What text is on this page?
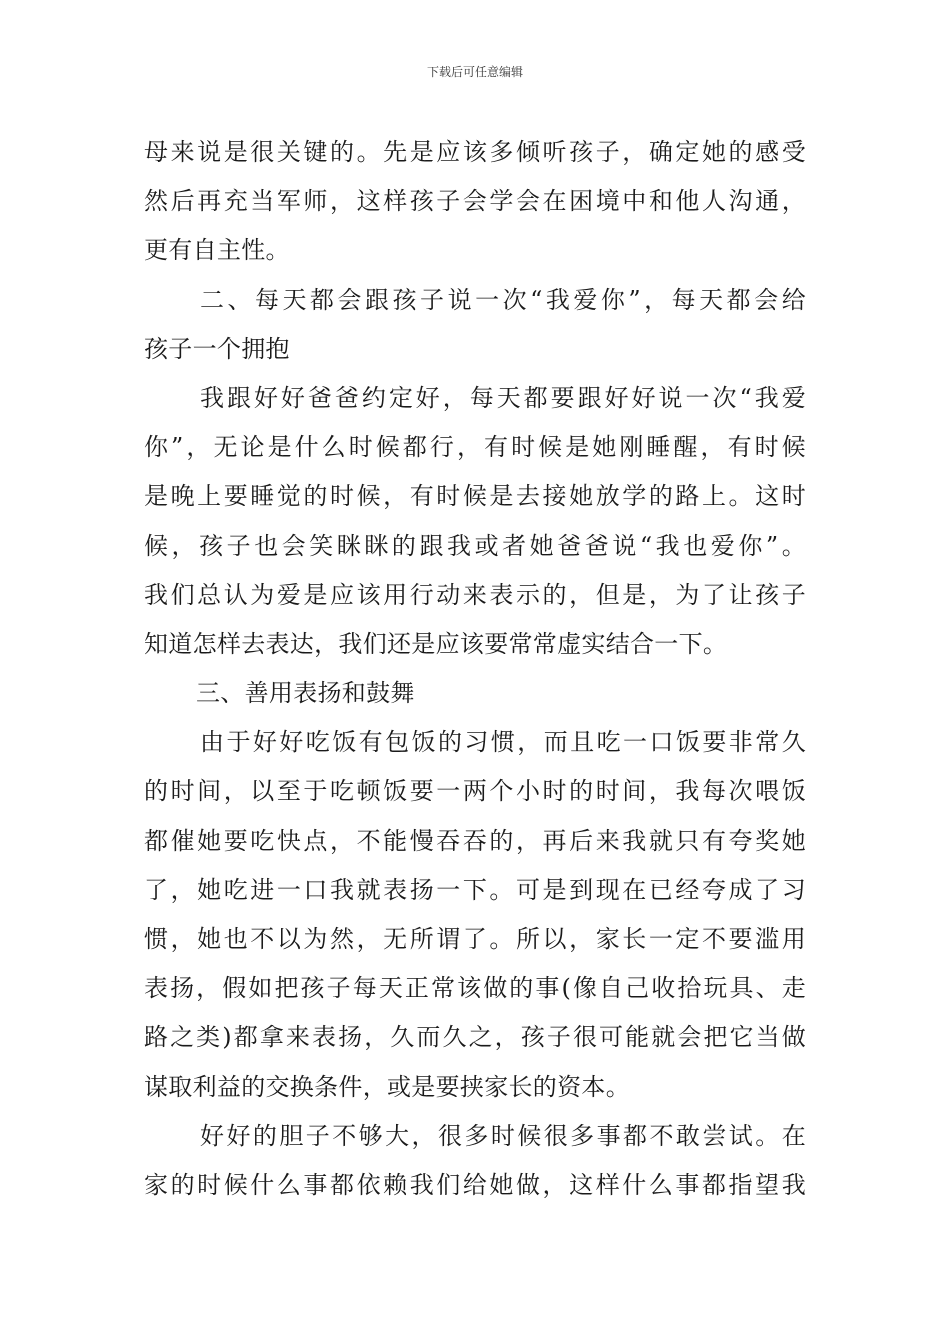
下载后可任意编辑
母来说是很关键的。先是应该多倾听孩子，确定她的感受
然后再充当军师，这样孩子会学会在困境中和他人沟通，
更有自主性。
二、每天都会跟孩子说一次“我爱你”，每天都会给
孩子一个拥抱
我跟好好爸爸约定好，每天都要跟好好说一次“我爱
你”，无论是什么时候都行，有时候是她刚睡醒，有时候
是晚上要睡觉的时候，有时候是去接她放学的路上。这时
候，孩子也会笑眯眯的跟我或者她爸爸说“我也爱你”。
我们总认为爱是应该用行动来表示的，但是，为了让孩子
知道怎样去表达，我们还是应该要常常虚实结合一下。
三、善用表扬和鼓舞
由于好好吃饭有包饭的习惯，而且吃一口饭要非常久
的时间，以至于吃顿饭要一两个小时的时间，我每次喂饭
都催她要吃快点，不能慢吞吞的，再后来我就只有夸奖她
了，她吃进一口我就表扬一下。可是到现在已经夸成了习
惯，她也不以为然，无所谓了。所以，家长一定不要滥用
表扬，假如把孩子每天正常该做的事(像自己收拾玩具、走
路之类)都拿来表扬，久而久之，孩子很可能就会把它当做
谋取利益的交换条件，或是要挟家长的资本。
好好的胆子不够大，很多时候很多事都不敢尝试。在
家的时候什么事都依赖我们给她做，这样什么事都指望我
